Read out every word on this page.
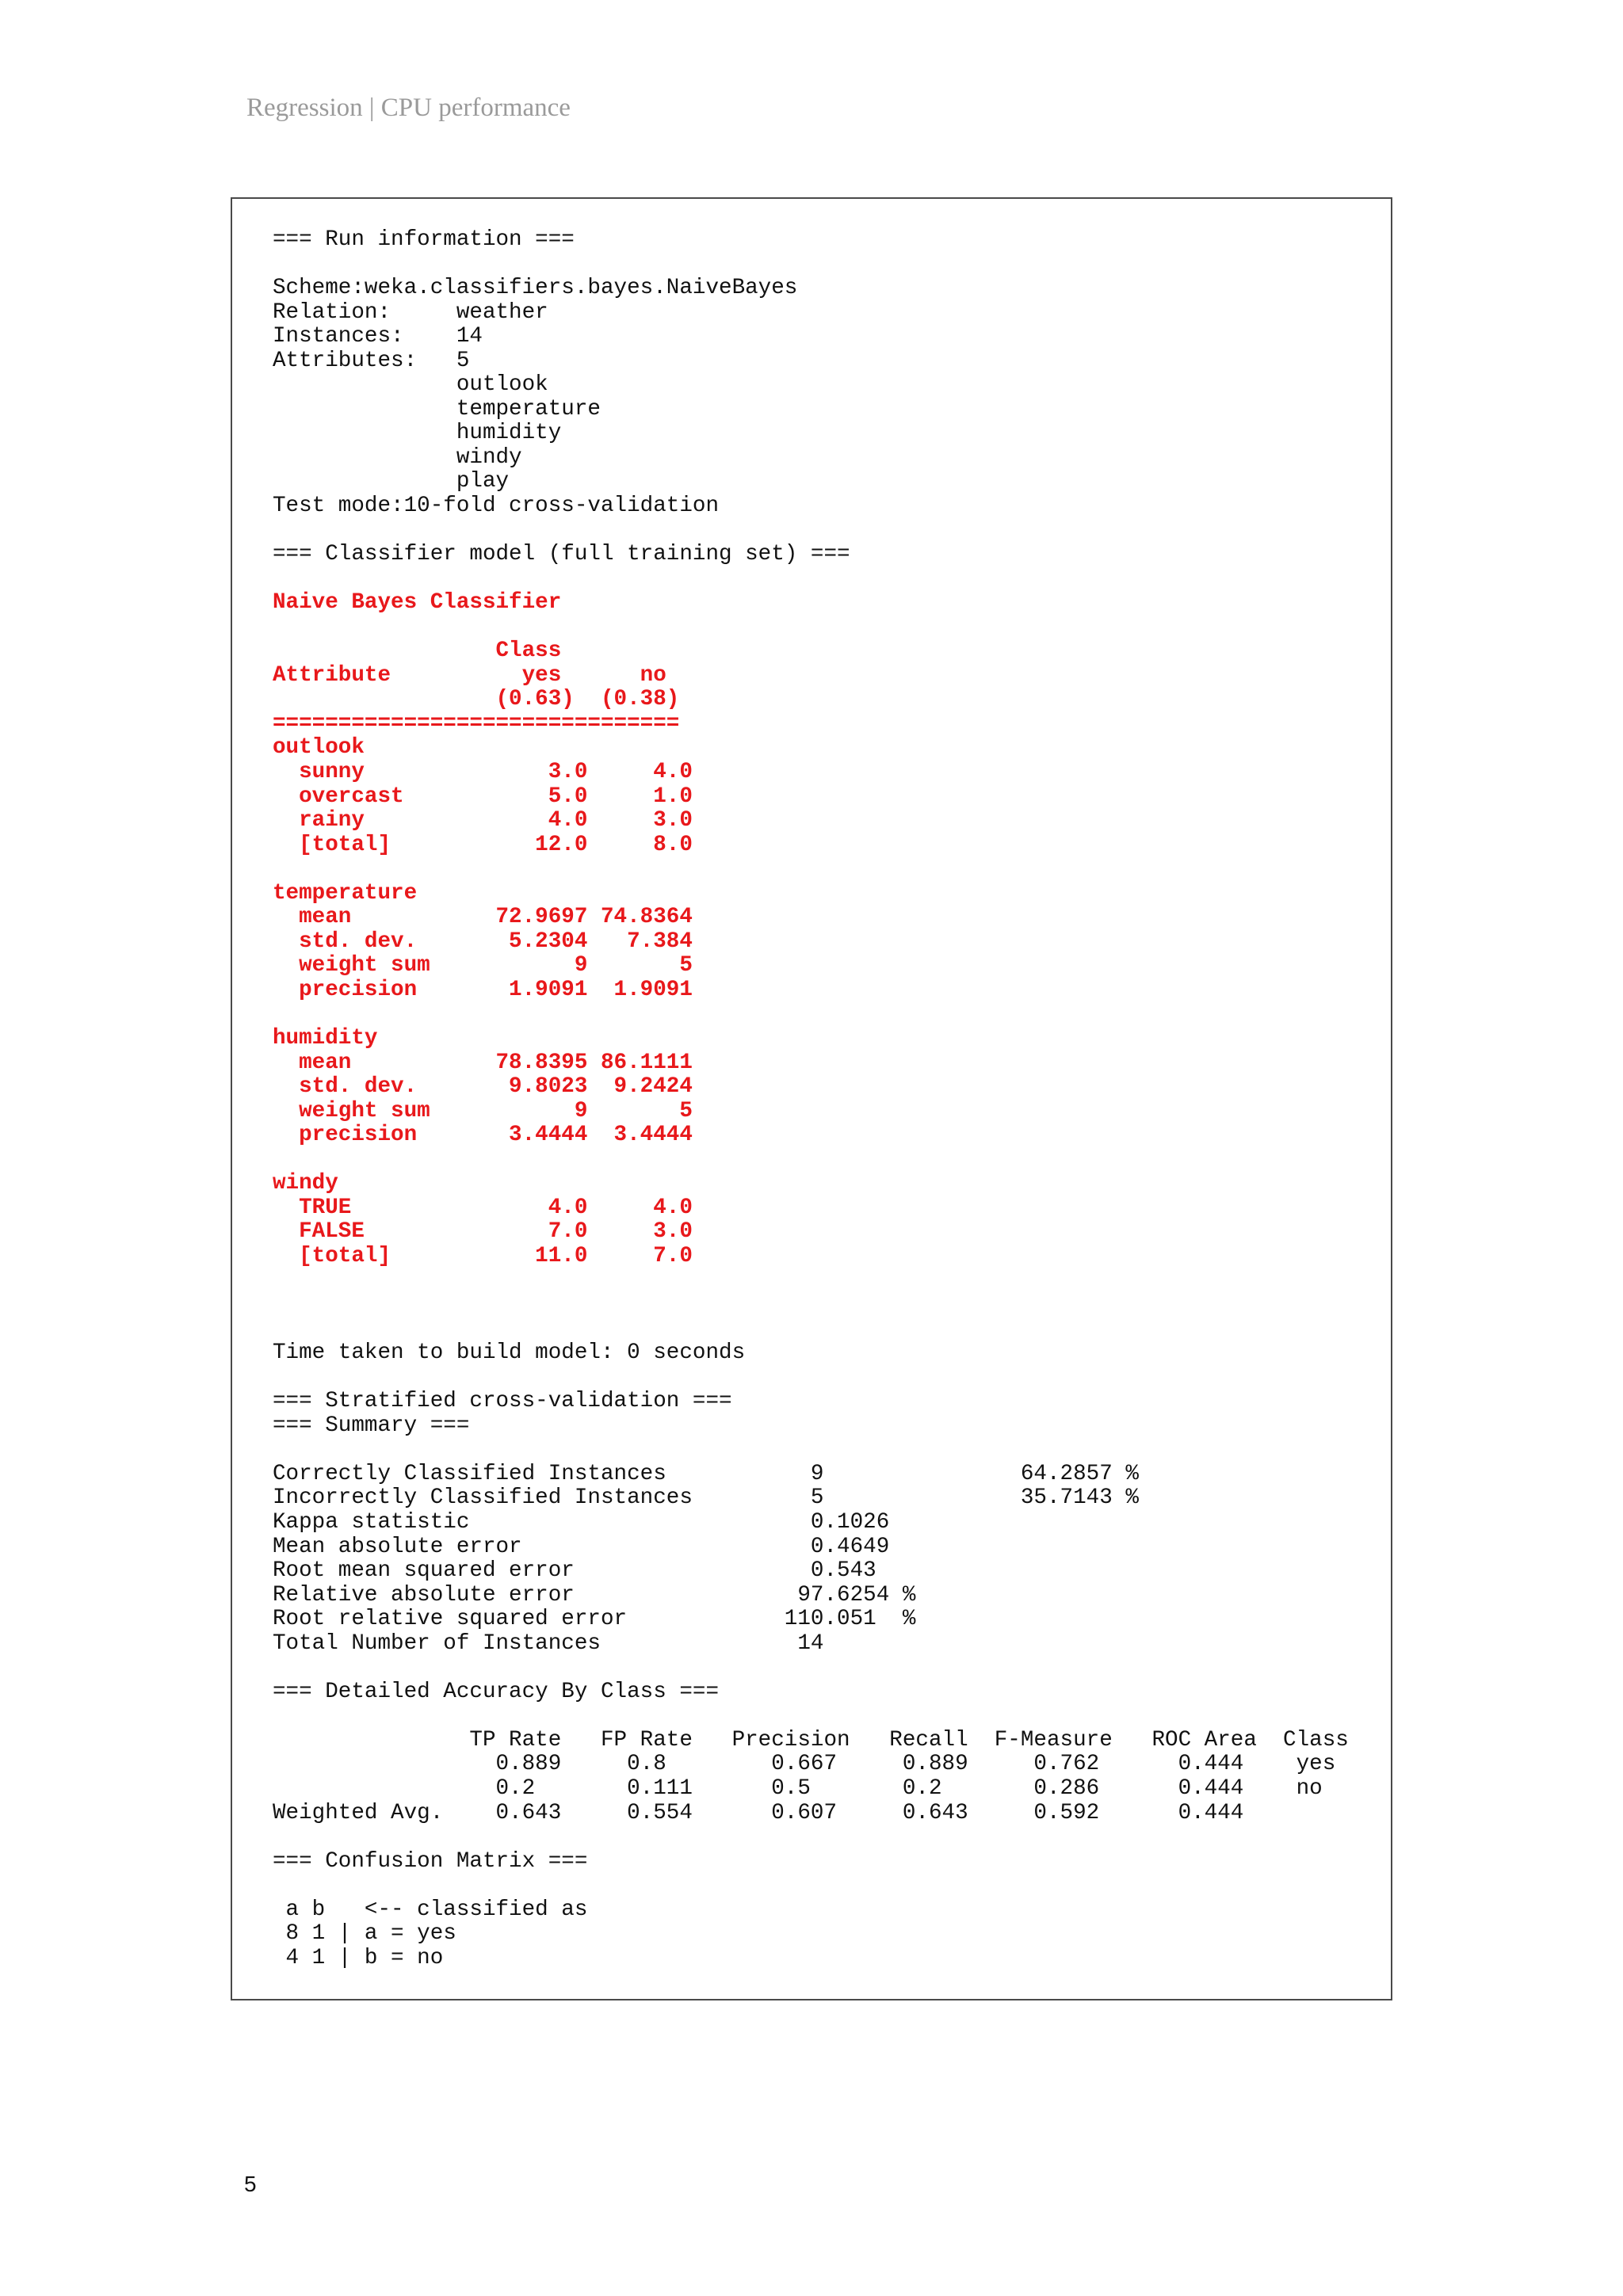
Regression | CPU performance
=== Run information ===
Scheme:weka.classifiers.bayes.NaiveBayes
Relation:     weather
Instances:    14
Attributes:   5
outlook
temperature
humidity
windy
play
Test mode:10-fold cross-validation
=== Classifier model (full training set) ===
Naive Bayes Classifier
Class
Attribute          yes      no
(0.63)  (0.38)
===============================
outlook
sunny              3.0     4.0
overcast           5.0     1.0
rainy              4.0     3.0
[total]           12.0     8.0
temperature
mean           72.9697 74.8364
std. dev.       5.2304   7.384
weight sum           9       5
precision       1.9091  1.9091
humidity
mean           78.8395 86.1111
std. dev.       9.8023  9.2424
weight sum           9       5
precision       3.4444  3.4444
windy
TRUE               4.0     4.0
FALSE              7.0     3.0
[total]           11.0     7.0
Time taken to build model: 0 seconds
=== Stratified cross-validation ===
=== Summary ===
Correctly Classified Instances           9               64.2857 %
Incorrectly Classified Instances         5               35.7143 %
Kappa statistic                          0.1026
Mean absolute error                      0.4649
Root mean squared error                  0.543
Relative absolute error                 97.6254 %
Root relative squared error            110.051  %
Total Number of Instances               14
=== Detailed Accuracy By Class ===
TP Rate   FP Rate   Precision   Recall  F-Measure   ROC Area  Class
0.889     0.8        0.667     0.889     0.762      0.444    yes
0.2       0.111      0.5       0.2       0.286      0.444    no
Weighted Avg.    0.643     0.554      0.607     0.643     0.592      0.444
=== Confusion Matrix ===
a b   <-- classified as
8 1 | a = yes
4 1 | b = no
5
